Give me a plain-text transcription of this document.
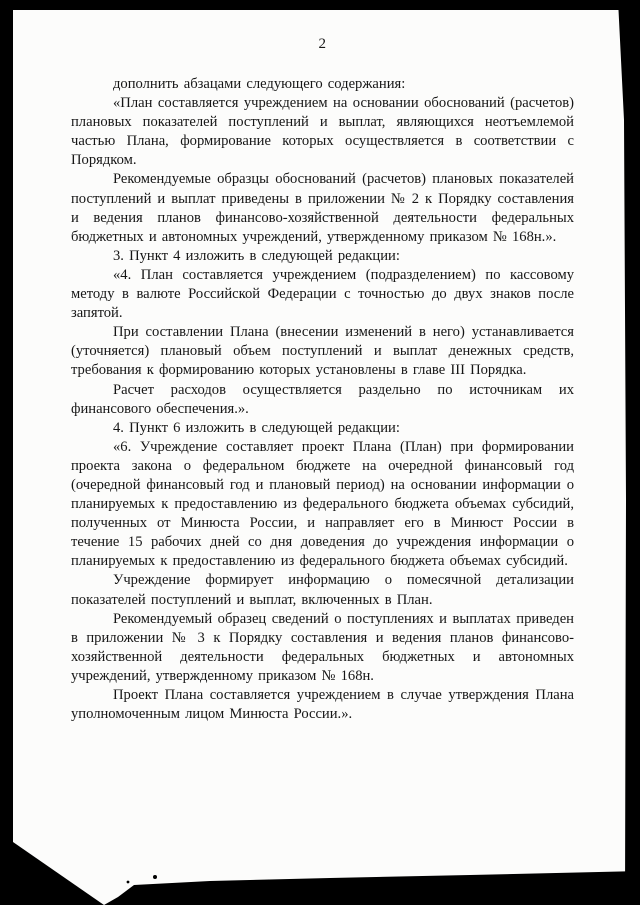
2

дополнить абзацами следующего содержания:

«План составляется учреждением на основании обоснований (расчетов) плановых показателей поступлений и выплат, являющихся неотъемлемой частью Плана, формирование которых осуществляется в соответствии с Порядком.

Рекомендуемые образцы обоснований (расчетов) плановых показателей поступлений и выплат приведены в приложении № 2 к Порядку составления и ведения планов финансово-хозяйственной деятельности федеральных бюджетных и автономных учреждений, утвержденному приказом № 168н.».

3. Пункт 4 изложить в следующей редакции:

«4. План составляется учреждением (подразделением) по кассовому методу в валюте Российской Федерации с точностью до двух знаков после запятой.

При составлении Плана (внесении изменений в него) устанавливается (уточняется) плановый объем поступлений и выплат денежных средств, требования к формированию которых установлены в главе III Порядка.

Расчет расходов осуществляется раздельно по источникам их финансового обеспечения.».

4. Пункт 6 изложить в следующей редакции:

«6. Учреждение составляет проект Плана (План) при формировании проекта закона о федеральном бюджете на очередной финансовый год (очередной финансовый год и плановый период) на основании информации о планируемых к предоставлению из федерального бюджета объемах субсидий, полученных от Минюста России, и направляет его в Минюст России в течение 15 рабочих дней со дня доведения до учреждения информации о планируемых к предоставлению из федерального бюджета объемах субсидий.

Учреждение формирует информацию о помесячной детализации показателей поступлений и выплат, включенных в План.

Рекомендуемый образец сведений о поступлениях и выплатах приведен в приложении № 3 к Порядку составления и ведения планов финансово-хозяйственной деятельности федеральных бюджетных и автономных учреждений, утвержденному приказом № 168н.

Проект Плана составляется учреждением в случае утверждения Плана уполномоченным лицом Минюста России.».
